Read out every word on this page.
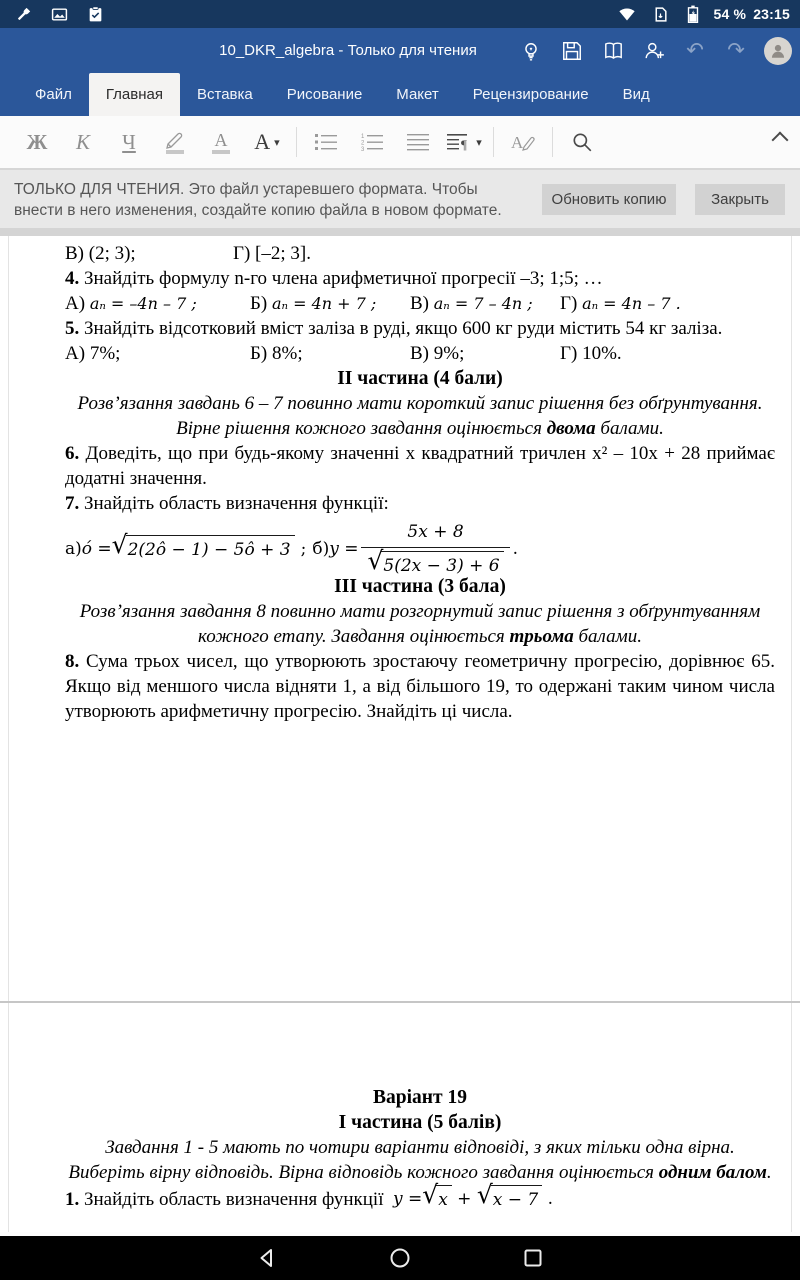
54 % 23:15
10_DKR_algebra - Только для чтения	↶ ↷
Файл	Главная	Вставка	Рисование	Макет	Рецензирование	Вид
Ж К Ч	А А ▾	1
2
3	¶ ▾ А
ТОЛЬКО ДЛЯ ЧТЕНИЯ. Это файл устаревшего формата. Чтобы внести в него изменения, создайте копию файла в новом формате.
Обновить копию	Закрыть
В) (2; 3);	Г) [–2; 3].

4. Знайдіть формулу n-го члена арифметичної прогресії –3; 1;5; …

А) aₙ = –4n – 7 ;	Б) aₙ = 4n + 7 ;	В) aₙ = 7 – 4n ;	Г) aₙ = 4n – 7 .

5. Знайдіть відсотковий вміст заліза в руді, якщо 600 кг руди містить 54 кг заліза.

А) 7%;	Б) 8%;	В) 9%;	Г) 10%.

ІІ частина (4 бали)

Розв’язання завдань 6 – 7 повинно мати короткий запис рішення без обґрунтування. Вірне рішення кожного завдання оцінюється двома балами.

6. Доведіть, що при будь-якому значенні x квадратний тричлен x² – 10x + 28 приймає додатні значення.

7. Знайдіть область визначення функції:

а) ó = √ 2(2ô − 1) − 5ô + 3 ; б) $y = \frac{5x + 8}{√ 5(2x - 3) + 6}$ .

ІІІ частина (3 бала)

Розв’язання завдання 8 повинно мати розгорнутий запис рішення з обґрунтуванням кожного етапу. Завдання оцінюється трьома балами.

8. Сума трьох чисел, що утворюють зростаючу геометричну прогресію, дорівнює 65. Якщо від меншого числа відняти 1, а від більшого 19, то одержані таким чином числа утворюють арифметичну прогресію. Знайдіть ці числа.

Варіант 19

І частина (5 балів)

Завдання 1 - 5 мають по чотири варіанти відповіді, з яких тільки одна вірна. Виберіть вірну відповідь. Вірна відповідь кожного завдання оцінюється одним балом.

1. Знайдіть область визначення функції y = √ x + √ x − 7 .
